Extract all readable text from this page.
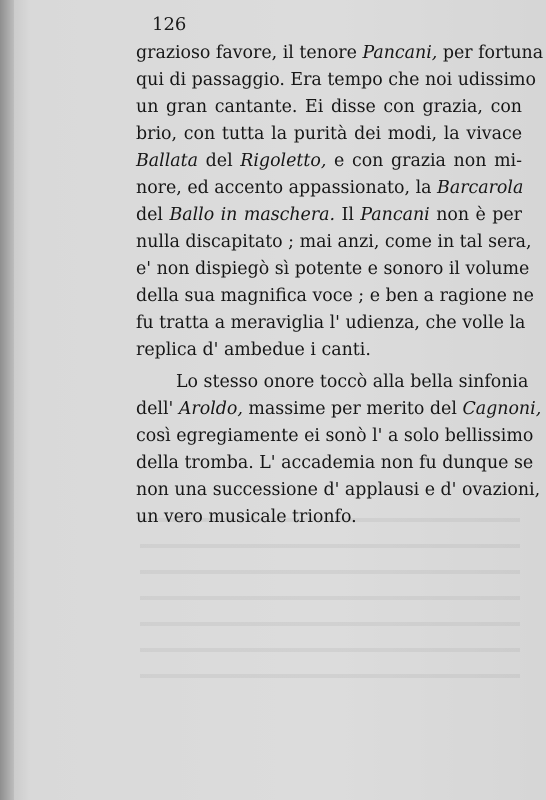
126
grazioso favore, il tenore Pancani, per fortuna
qui di passaggio. Era tempo che noi udissimo
un gran cantante. Ei disse con grazia, con
brio, con tutta la purità dei modi, la vivace
Ballata del Rigoletto, e con grazia non mi-
nore, ed accento appassionato, la Barcarola
del Ballo in maschera. Il Pancani non è per
nulla discapitato ; mai anzi, come in tal sera,
e' non dispiegò sì potente e sonoro il volume
della sua magnifica voce ; e ben a ragione ne
fu tratta a meraviglia l' udienza, che volle la
replica d' ambedue i canti.
Lo stesso onore toccò alla bella sinfonia
dell' Aroldo, massime per merito del Cagnoni,
così egregiamente ei sonò l' a solo bellissimo
della tromba. L' accademia non fu dunque se
non una successione d' applausi e d' ovazioni,
un vero musicale trionfo.
